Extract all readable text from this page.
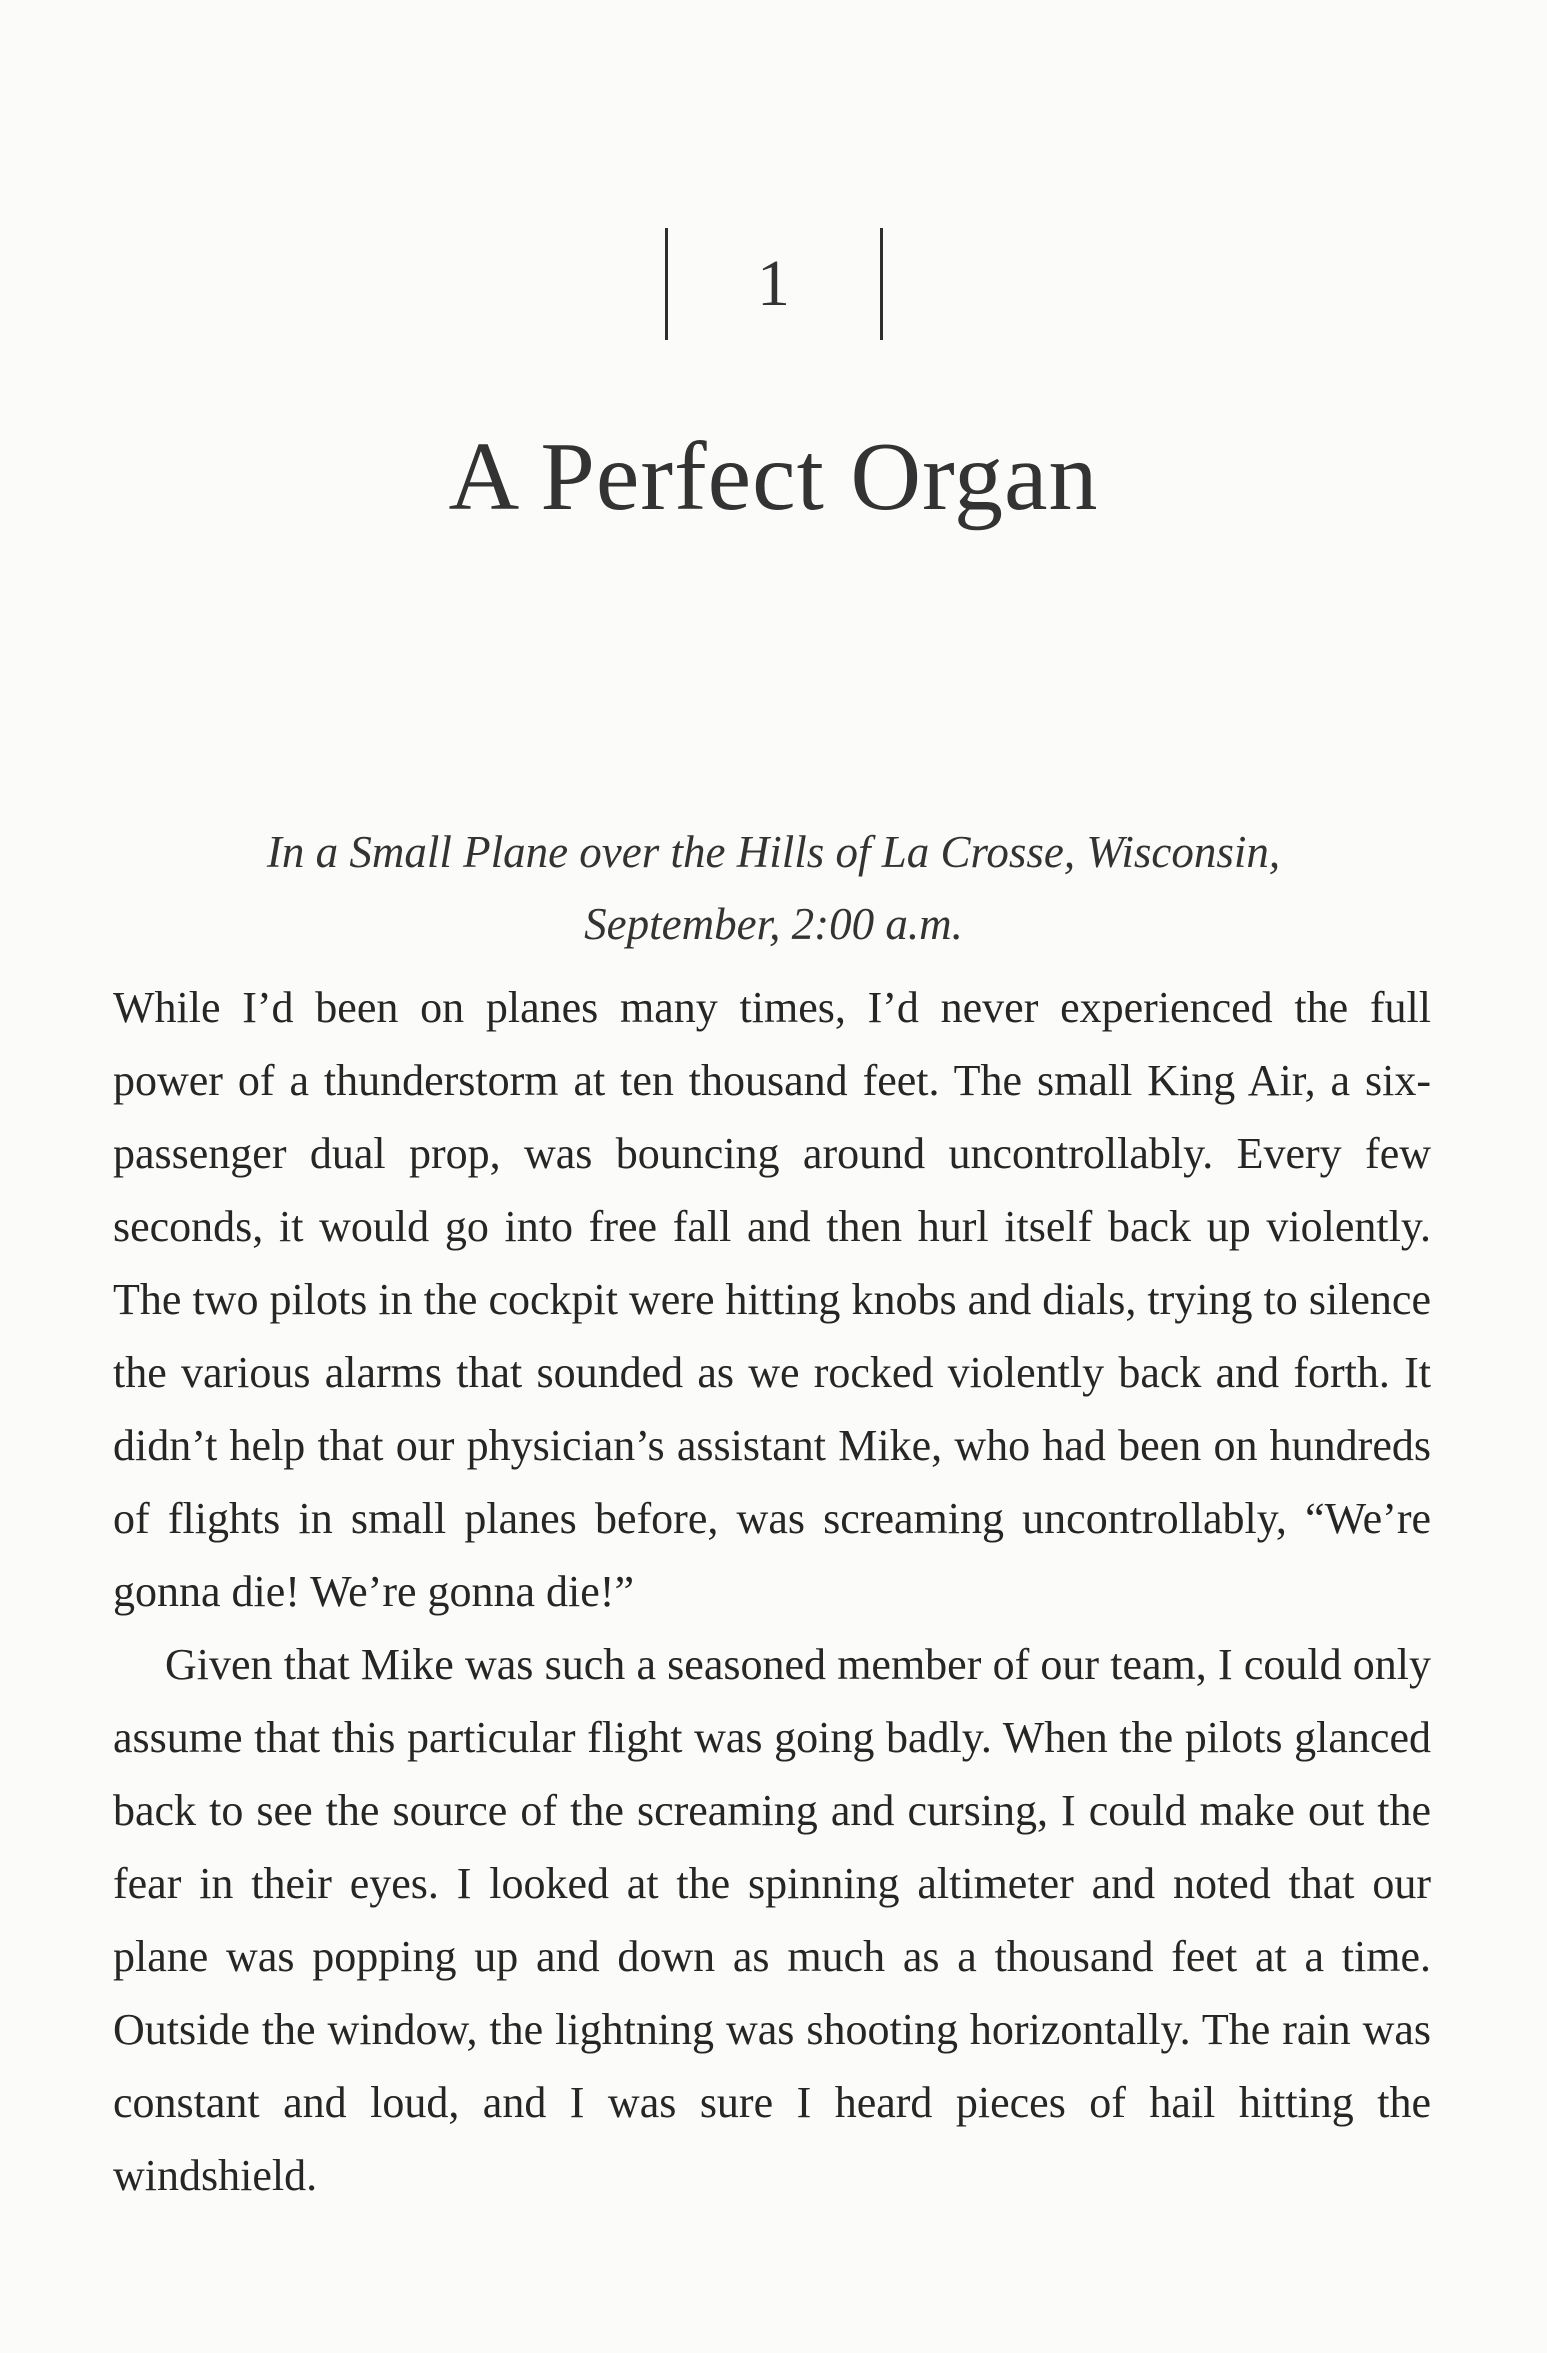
1
A Perfect Organ
In a Small Plane over the Hills of La Crosse, Wisconsin,
September, 2:00 a.m.

While I’d been on planes many times, I’d never experienced the full power of a thunderstorm at ten thousand feet. The small King Air, a six-passenger dual prop, was bouncing around uncontrollably. Every few seconds, it would go into free fall and then hurl itself back up violently. The two pilots in the cockpit were hitting knobs and dials, trying to silence the various alarms that sounded as we rocked violently back and forth. It didn’t help that our physician’s assistant Mike, who had been on hundreds of flights in small planes before, was screaming uncontrollably, “We’re gonna die! We’re gonna die!”

Given that Mike was such a seasoned member of our team, I could only assume that this particular flight was going badly. When the pilots glanced back to see the source of the screaming and cursing, I could make out the fear in their eyes. I looked at the spinning altimeter and noted that our plane was popping up and down as much as a thousand feet at a time. Outside the window, the lightning was shooting horizontally. The rain was constant and loud, and I was sure I heard pieces of hail hitting the windshield.
